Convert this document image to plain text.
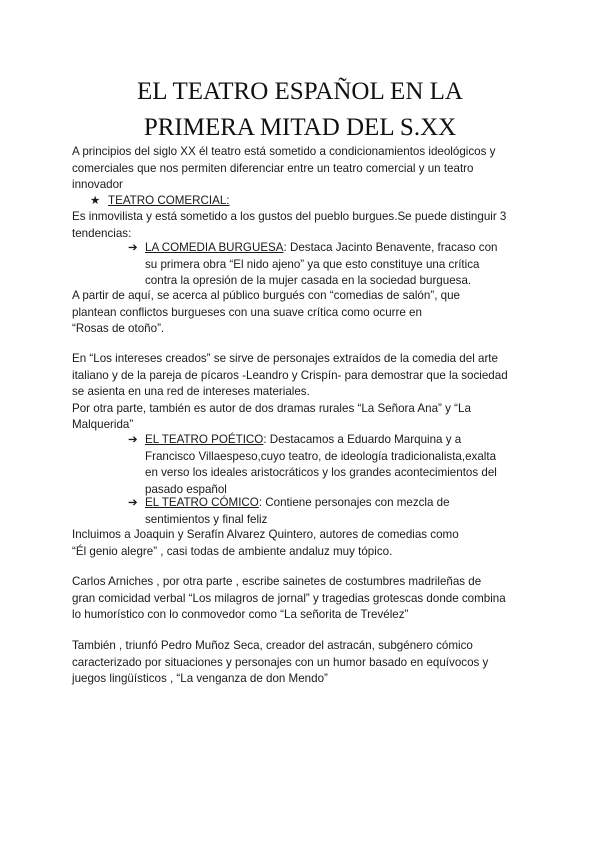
EL TEATRO ESPAÑOL EN LA
PRIMERA MITAD DEL S.XX

A principios del siglo XX él teatro está sometido a condicionamientos ideológicos y

comerciales que nos permiten diferenciar entre un teatro comercial y un teatro

innovador

★ TEATRO COMERCIAL:

Es inmovilista y está sometido a los gustos del pueblo burgues.Se puede distinguir 3

tendencias:

➔ LA COMEDIA BURGUESA: Destaca Jacinto Benavente, fracaso con
su primera obra “El nido ajeno” ya que esto constituye una crítica
contra la opresión de la mujer casada en la sociedad burguesa.

A partir de aquí, se acerca al público burgués con “comedias de salón”, que

plantean conflictos burgueses con una suave crítica como ocurre en

“Rosas de otoño”.

En “Los intereses creados” se sirve de personajes extraídos de la comedia del arte

italiano y de la pareja de pícaros -Leandro y Crispín- para demostrar que la sociedad

se asienta en una red de intereses materiales.

Por otra parte, también es autor de dos dramas rurales “La Señora Ana” y “La

Malquerida”

➔ EL TEATRO POÉTICO: Destacamos a Eduardo Marquina y a
Francisco Villaespeso,cuyo teatro, de ideología tradicionalista,exalta
en verso los ideales aristocráticos y los grandes acontecimientos del
pasado español
➔ EL TEATRO CÓMICO: Contiene personajes con mezcla de
sentimientos y final feliz

Incluimos a Joaquin y Serafín Alvarez Quintero, autores de comedias como

“Él genio alegre” , casi todas de ambiente andaluz muy tópico.

Carlos Arniches , por otra parte , escribe sainetes de costumbres madrileñas de

gran comicidad verbal “Los milagros de jornal” y tragedias grotescas donde combina

lo humorístico con lo conmovedor como “La señorita de Trevélez”

También , triunfó Pedro Muñoz Seca, creador del astracán, subgénero cómico

caracterizado por situaciones y personajes con un humor basado en equívocos y

juegos lingüísticos , “La venganza de don Mendo”
